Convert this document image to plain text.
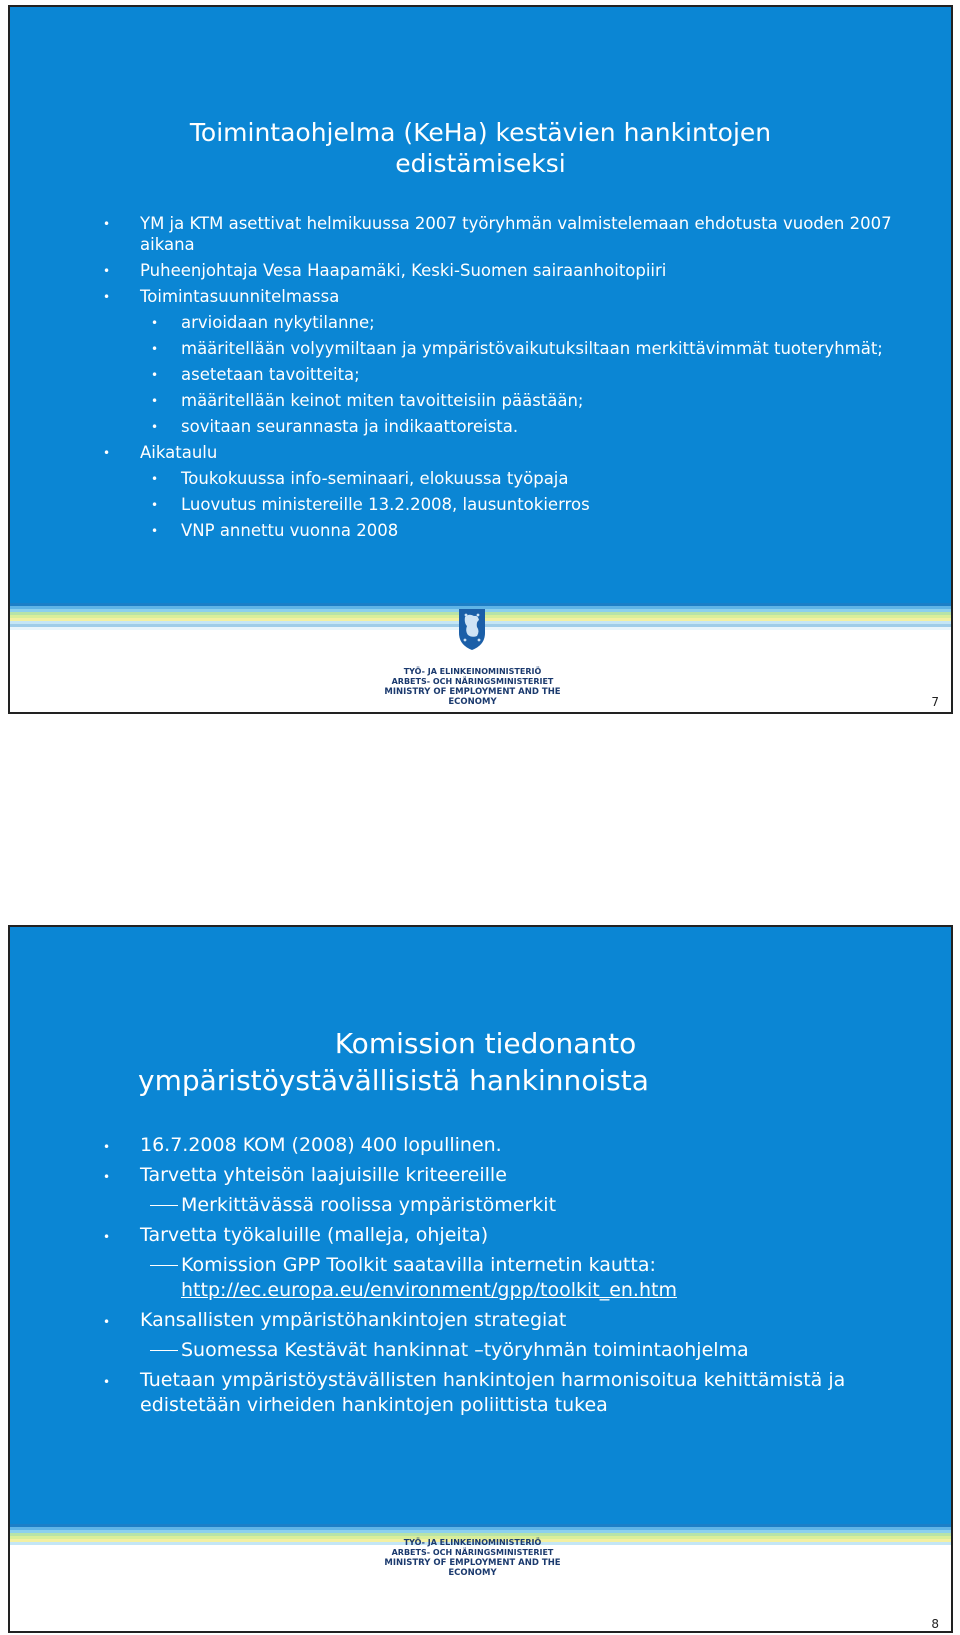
Toimintaohjelma (KeHa) kestävien hankintojen
edistämiseksi
• YM ja KTM asettivat helmikuussa 2007 työryhmän valmistelemaan ehdotusta vuoden 2007 aikana
• Puheenjohtaja Vesa Haapamäki, Keski-Suomen sairaanhoitopiiri
• Toimintasuunnitelmassa
• arvioidaan nykytilanne;
• määritellään volyymiltaan ja ympäristövaikutuksiltaan merkittävimmät tuoteryhmät;
• asetetaan tavoitteita;
• määritellään keinot miten tavoitteisiin päästään;
• sovitaan seurannasta ja indikaattoreista.
• Aikataulu
• Toukokuussa info-seminaari, elokuussa työpaja
• Luovutus ministereille 13.2.2008, lausuntokierros
• VNP annettu vuonna 2008
TYÖ- JA ELINKEINOMINISTERIÖ
ARBETS- OCH NÄRINGSMINISTERIET
MINISTRY OF EMPLOYMENT AND THE ECONOMY	7
Komission tiedonanto
ympäristöystävällisistä hankinnoista
• 16.7.2008 KOM (2008) 400 lopullinen.
• Tarvetta yhteisön laajuisille kriteereille
Merkittävässä roolissa ympäristömerkit
• Tarvetta työkaluille (malleja, ohjeita)
Komission GPP Toolkit saatavilla internetin kautta:
http://ec.europa.eu/environment/gpp/toolkit_en.htm
• Kansallisten ympäristöhankintojen strategiat
Suomessa Kestävät hankinnat –työryhmän toimintaohjelma
• Tuetaan ympäristöystävällisten hankintojen harmonisoitua kehittämistä ja edistetään virheiden hankintojen poliittista tukea
TYÖ- JA ELINKEINOMINISTERIÖ
ARBETS- OCH NÄRINGSMINISTERIET
MINISTRY OF EMPLOYMENT AND THE ECONOMY
8
